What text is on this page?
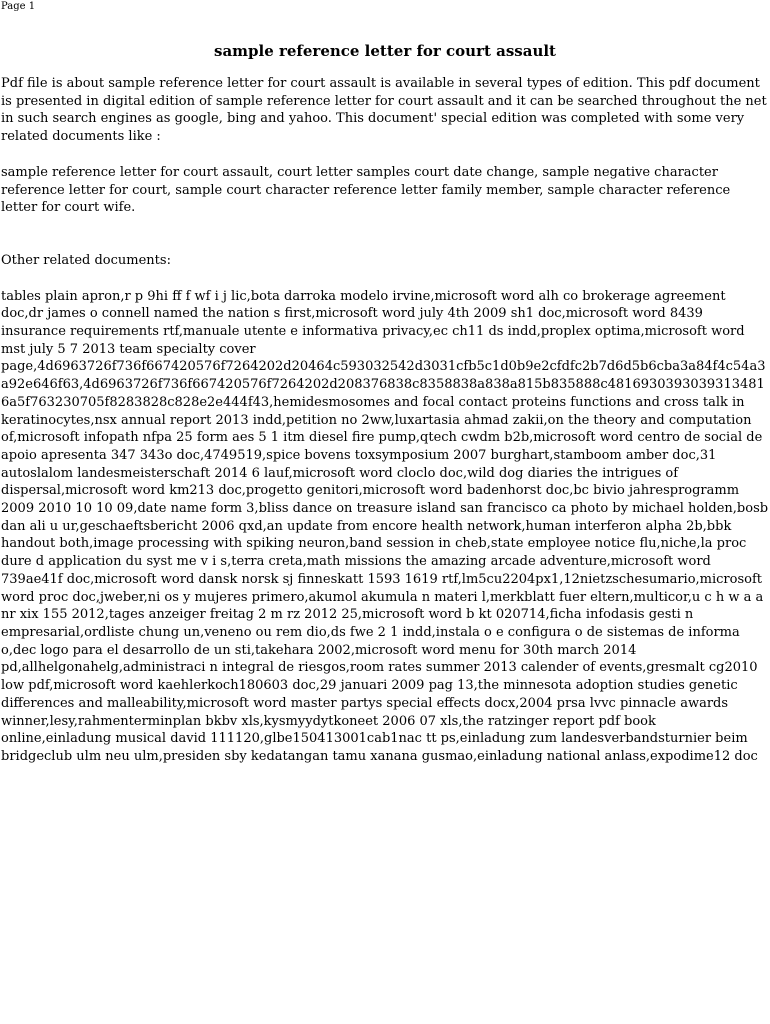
Page 1
sample reference letter for court assault

Pdf file is about sample reference letter for court assault is available in several types of edition. This pdf document is presented in digital edition of sample reference letter for court assault and it can be searched throughout the net in such search engines as google, bing and yahoo. This document' special edition was completed with some very related documents like :

sample reference letter for court assault, court letter samples court date change, sample negative character reference letter for court, sample court character reference letter family member, sample character reference letter for court wife.

Other related documents:

tables plain apron,r p 9hi ff f wf i j lic,bota darroka modelo irvine,microsoft word alh co brokerage agreement doc,dr james o connell named the nation s first,microsoft word july 4th 2009 sh1 doc,microsoft word 8439 insurance requirements rtf,manuale utente e informativa privacy,ec ch11 ds indd,proplex optima,microsoft word mst july 5 7 2013 team specialty cover page,4d6963726f736f667420576f7264202d20464c593032542d3031cfb5c1d0b9e2cfdfc2b7d6d5b6cba3a84f4c54a3a92e646f63,4d6963726f736f667420576f7264202d208376838c8358838a838a815b835888c4816930393039313481 6a5f763230705f8283828c828e2e444f43,hemidesmosomes and focal contact proteins functions and cross talk in keratinocytes,nsx annual report 2013 indd,petition no 2ww,luxartasia ahmad zakii,on the theory and computation of,microsoft infopath nfpa 25 form aes 5 1 itm diesel fire pump,qtech cwdm b2b,microsoft word centro de social de apoio apresenta 347 343o doc,4749519,spice bovens toxsymposium 2007 burghart,stamboom amber doc,31 autoslalom landesmeisterschaft 2014 6 lauf,microsoft word cloclo doc,wild dog diaries the intrigues of dispersal,microsoft word km213 doc,progetto genitori,microsoft word badenhorst doc,bc bivio jahresprogramm 2009 2010 10 10 09,date name form 3,bliss dance on treasure island san francisco ca photo by michael holden,bosb dan ali u ur,geschaeftsbericht 2006 qxd,an update from encore health network,human interferon alpha 2b,bbk handout both,image processing with spiking neuron,band session in cheb,state employee notice flu,niche,la proc dure d application du syst me v i s,terra creta,math missions the amazing arcade adventure,microsoft word 739ae41f doc,microsoft word dansk norsk sj finneskatt 1593 1619 rtf,lm5cu2204px1,12nietzschesumario,microsoft word proc doc,jweber,ni os y mujeres primero,akumol akumula n materi l,merkblatt fuer eltern,multicor,u c h w a a nr xix 155 2012,tages anzeiger freitag 2 m rz 2012 25,microsoft word b kt 020714,ficha infodasis gesti n empresarial,ordliste chung un,veneno ou rem dio,ds fwe 2 1 indd,instala o e configura o de sistemas de informa o,dec logo para el desarrollo de un sti,takehara 2002,microsoft word menu for 30th march 2014 pd,allhelgonahelg,administraci n integral de riesgos,room rates summer 2013 calender of events,gresmalt cg2010 low pdf,microsoft word kaehlerkoch180603 doc,29 januari 2009 pag 13,the minnesota adoption studies genetic differences and malleability,microsoft word master partys special effects docx,2004 prsa lvvc pinnacle awards winner,lesy,rahmenterminplan bkbv xls,kysmyydytkoneet 2006 07 xls,the ratzinger report pdf book online,einladung musical david 111120,glbe150413001cab1nac tt ps,einladung zum landesverbandsturnier beim bridgeclub ulm neu ulm,presiden sby kedatangan tamu xanana gusmao,einladung national anlass,expodime12 doc
